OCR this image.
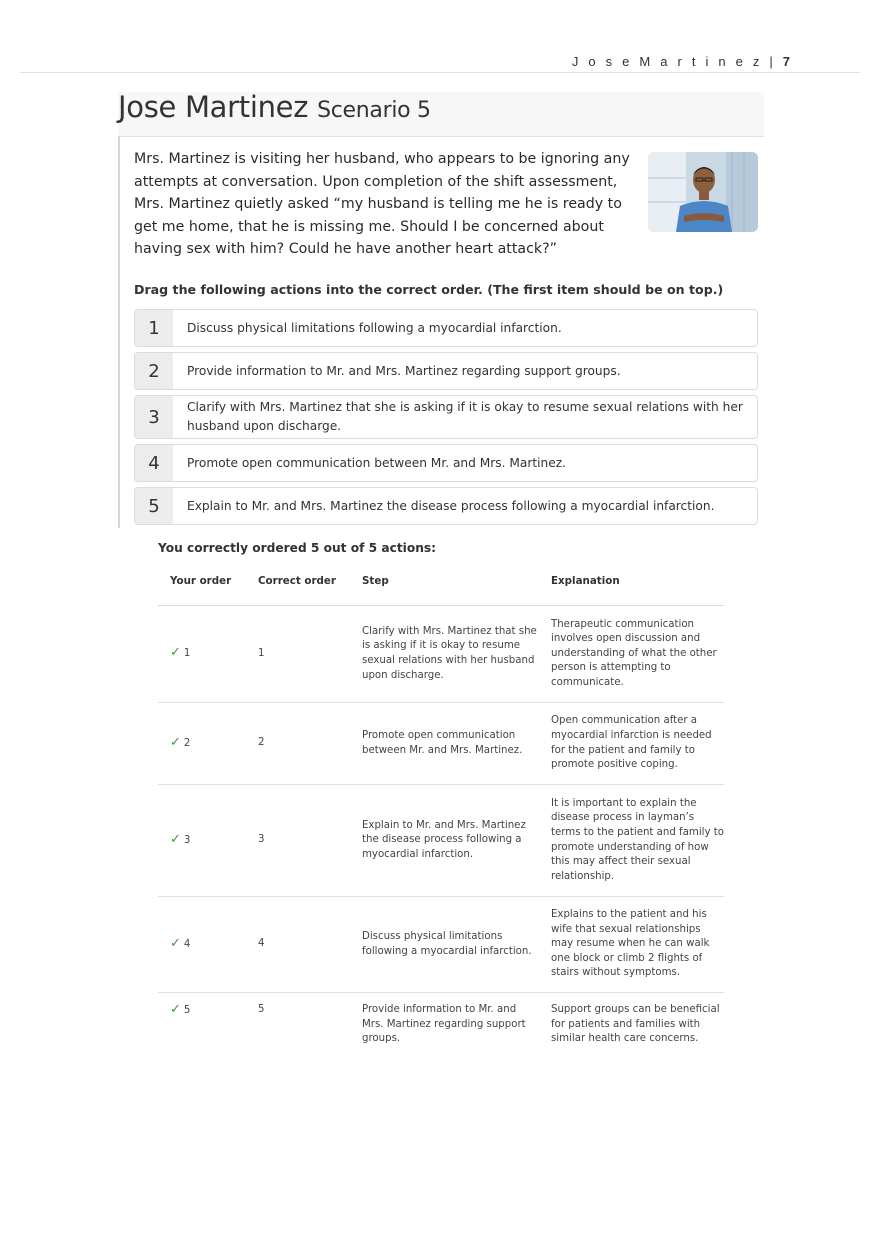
J o s e M a r t i n e z | 7
Jose Martinez Scenario 5

Mrs. Martinez is visiting her husband, who appears to be ignoring any attempts at conversation. Upon completion of the shift assessment, Mrs. Martinez quietly asked “my husband is telling me he is ready to get me home, that he is missing me. Should I be concerned about having sex with him? Could he have another heart attack?”

Drag the following actions into the correct order. (The first item should be on top.)
1	Discuss physical limitations following a myocardial infarction.
2	Provide information to Mr. and Mrs. Martinez regarding support groups.
3	Clarify with Mrs. Martinez that she is asking if it is okay to resume sexual relations with her husband upon discharge.
4	Promote open communication between Mr. and Mrs. Martinez.
5	Explain to Mr. and Mrs. Martinez the disease process following a myocardial infarction.
You correctly ordered 5 out of 5 actions:
Your order	Correct order	Step	Explanation
✓ 1	1	Clarify with Mrs. Martinez that she is asking if it is okay to resume sexual relations with her husband upon discharge.	Therapeutic communication involves open discussion and understanding of what the other person is attempting to communicate.
✓ 2	2	Promote open communication between Mr. and Mrs. Martinez.	Open communication after a myocardial infarction is needed for the patient and family to promote positive coping.
✓ 3	3	Explain to Mr. and Mrs. Martinez the disease process following a myocardial infarction.	It is important to explain the disease process in layman’s terms to the patient and family to promote understanding of how this may affect their sexual relationship.
✓ 4	4	Discuss physical limitations following a myocardial infarction.	Explains to the patient and his wife that sexual relationships may resume when he can walk one block or climb 2 flights of stairs without symptoms.
✓ 5	5	Provide information to Mr. and Mrs. Martinez regarding support groups.	Support groups can be beneficial for patients and families with similar health care concerns.
